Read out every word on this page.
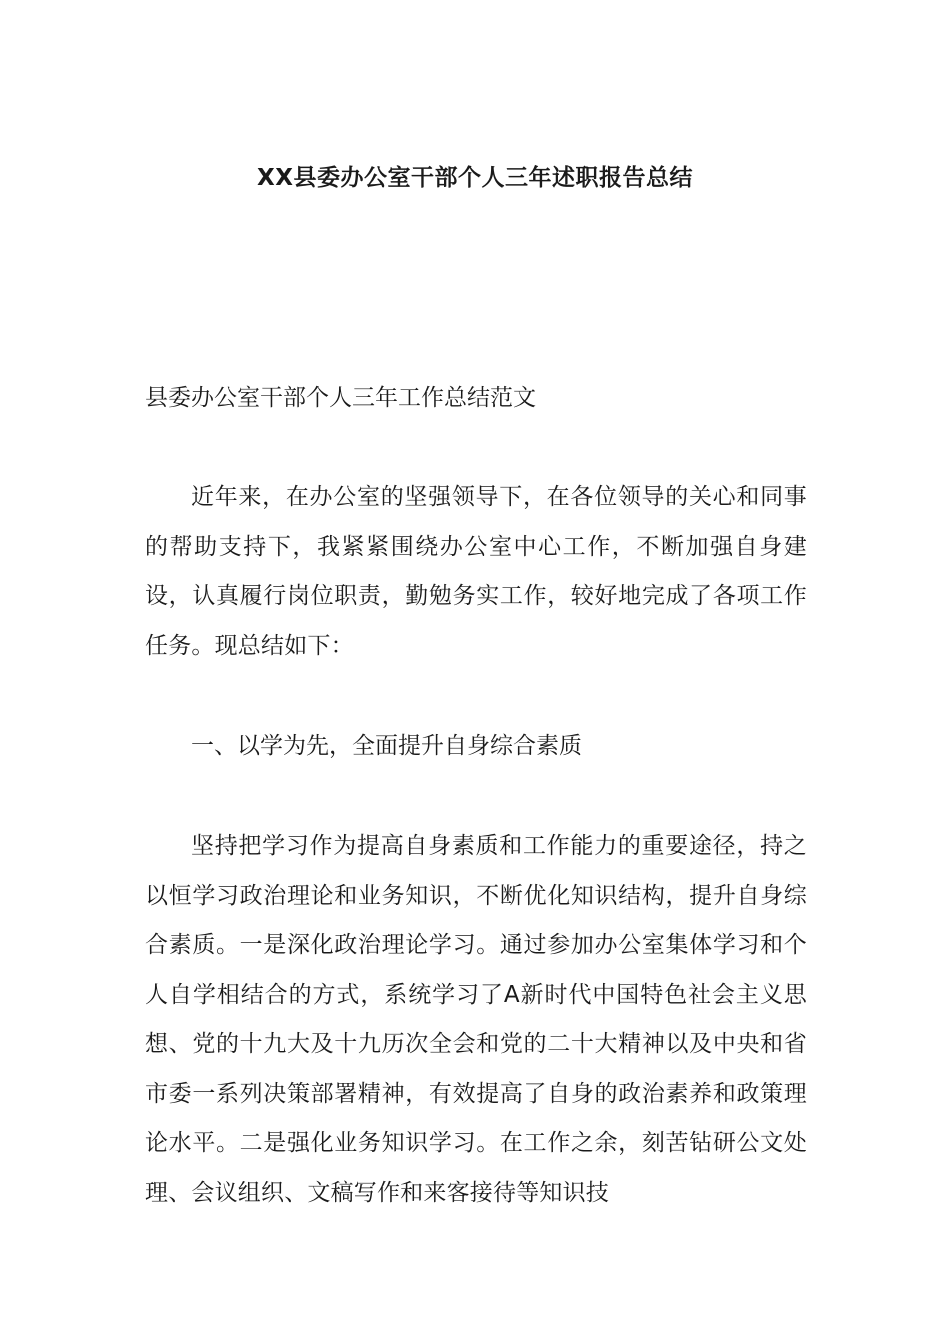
XX县委办公室干部个人三年述职报告总结
县委办公室干部个人三年工作总结范文

近年来，在办公室的坚强领导下，在各位领导的关心和同事的帮助支持下，我紧紧围绕办公室中心工作，不断加强自身建设，认真履行岗位职责，勤勉务实工作，较好地完成了各项工作任务。现总结如下：

一、以学为先，全面提升自身综合素质

坚持把学习作为提高自身素质和工作能力的重要途径，持之以恒学习政治理论和业务知识，不断优化知识结构，提升自身综合素质。一是深化政治理论学习。通过参加办公室集体学习和个人自学相结合的方式，系统学习了A新时代中国特色社会主义思想、党的十九大及十九历次全会和党的二十大精神以及中央和省市委一系列决策部署精神，有效提高了自身的政治素养和政策理论水平。二是强化业务知识学习。在工作之余，刻苦钻研公文处理、会议组织、文稿写作和来客接待等知识技
